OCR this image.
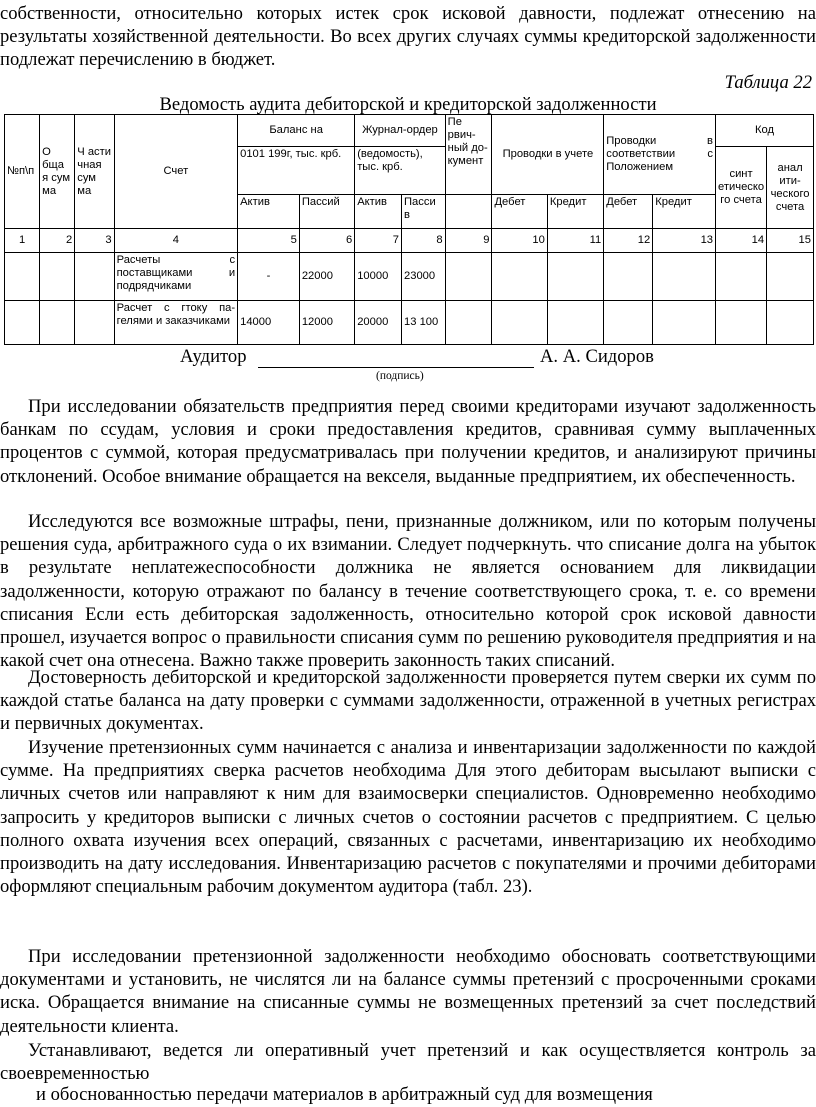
собственности, относительно которых истек срок исковой давности, подлежат отнесению на результаты хозяйственной деятельности. Во всех других случаях суммы кредиторской задолженности подлежат перечислению в бюджет.

Таблица 22
Ведомость аудита дебиторской и кредиторской задолженности
№п\п	О бща я сум ма	Ч асти чная сум ма	Счет	Баланс на		Журнал-ордер		Пе рвич-ный до-кумент	Проводки в учете		Проводки в соответствии с Положением		Код	
				0101 199г, тыс. крб.		(ведомость), тыс. крб.							синт етическо го счета	анал ити-ческого счета
				Актив	Пассий	Актив	Пасси в		Дебет	Кредит	Дебет	Кредит		
1	2	3	4	5	6	7	8	9	10	11	12	13	14	15
			Расчеты с поставщиками и подрядчиками	-	22000	10000	23000							
			Расчет с гтоку па-гелями и заказчиками	14000	12000	20000	13 100							
Аудитор	А. А. Сидоров
(подпись)

При исследовании обязательств предприятия перед своими кредиторами изучают задолженность банкам по ссудам, условия и сроки предоставления кредитов, сравнивая сумму выплаченных процентов с суммой, которая предусматривалась при получении кредитов, и анализируют причины отклонений. Особое внимание обращается на векселя, выданные предприятием, их обеспеченность.

Исследуются все возможные штрафы, пени, признанные должником, или по которым получены решения суда, арбитражного суда о их взимании. Следует подчеркнуть. что списание долга на убыток в результате неплатежеспособности должника не является основанием для ликвидации задолженности, которую отражают по балансу в течение соответствующего срока, т. е. со времени списания Если есть дебиторская задолженность, относительно которой срок исковой давности прошел, изучается вопрос о правильности списания сумм по решению руководителя предприятия и на какой счет она отнесена. Важно также проверить законность таких списаний.

Достоверность дебиторской и кредиторской задолженности проверяется путем сверки их сумм по каждой статье баланса на дату проверки с суммами задолженности, отраженной в учетных регистрах и первичных документах.

Изучение претензионных сумм начинается с анализа и инвентаризации задолженности по каждой сумме. На предприятиях сверка расчетов необходима Для этого дебиторам высылают выписки с личных счетов или направляют к ним для взаимосверки специалистов. Одновременно необходимо запросить у кредиторов выписки с личных счетов о состоянии расчетов с предприятием. С целью полного охвата изучения всех операций, связанных с расчетами, инвентаризацию их необходимо производить на дату исследования. Инвентаризацию расчетов с покупателями и прочими дебиторами оформляют специальным рабочим документом аудитора (табл. 23).

При исследовании претензионной задолженности необходимо обосновать соответствующими документами и установить, не числятся ли на балансе суммы претензий с просроченными сроками иска. Обращается внимание на списанные суммы не возмещенных претензий за счет последствий деятельности клиента.

Устанавливают, ведется ли оперативный учет претензий и как осуществляется контроль за своевременностью

и обоснованностью передачи материалов в арбитражный суд для возмещения
